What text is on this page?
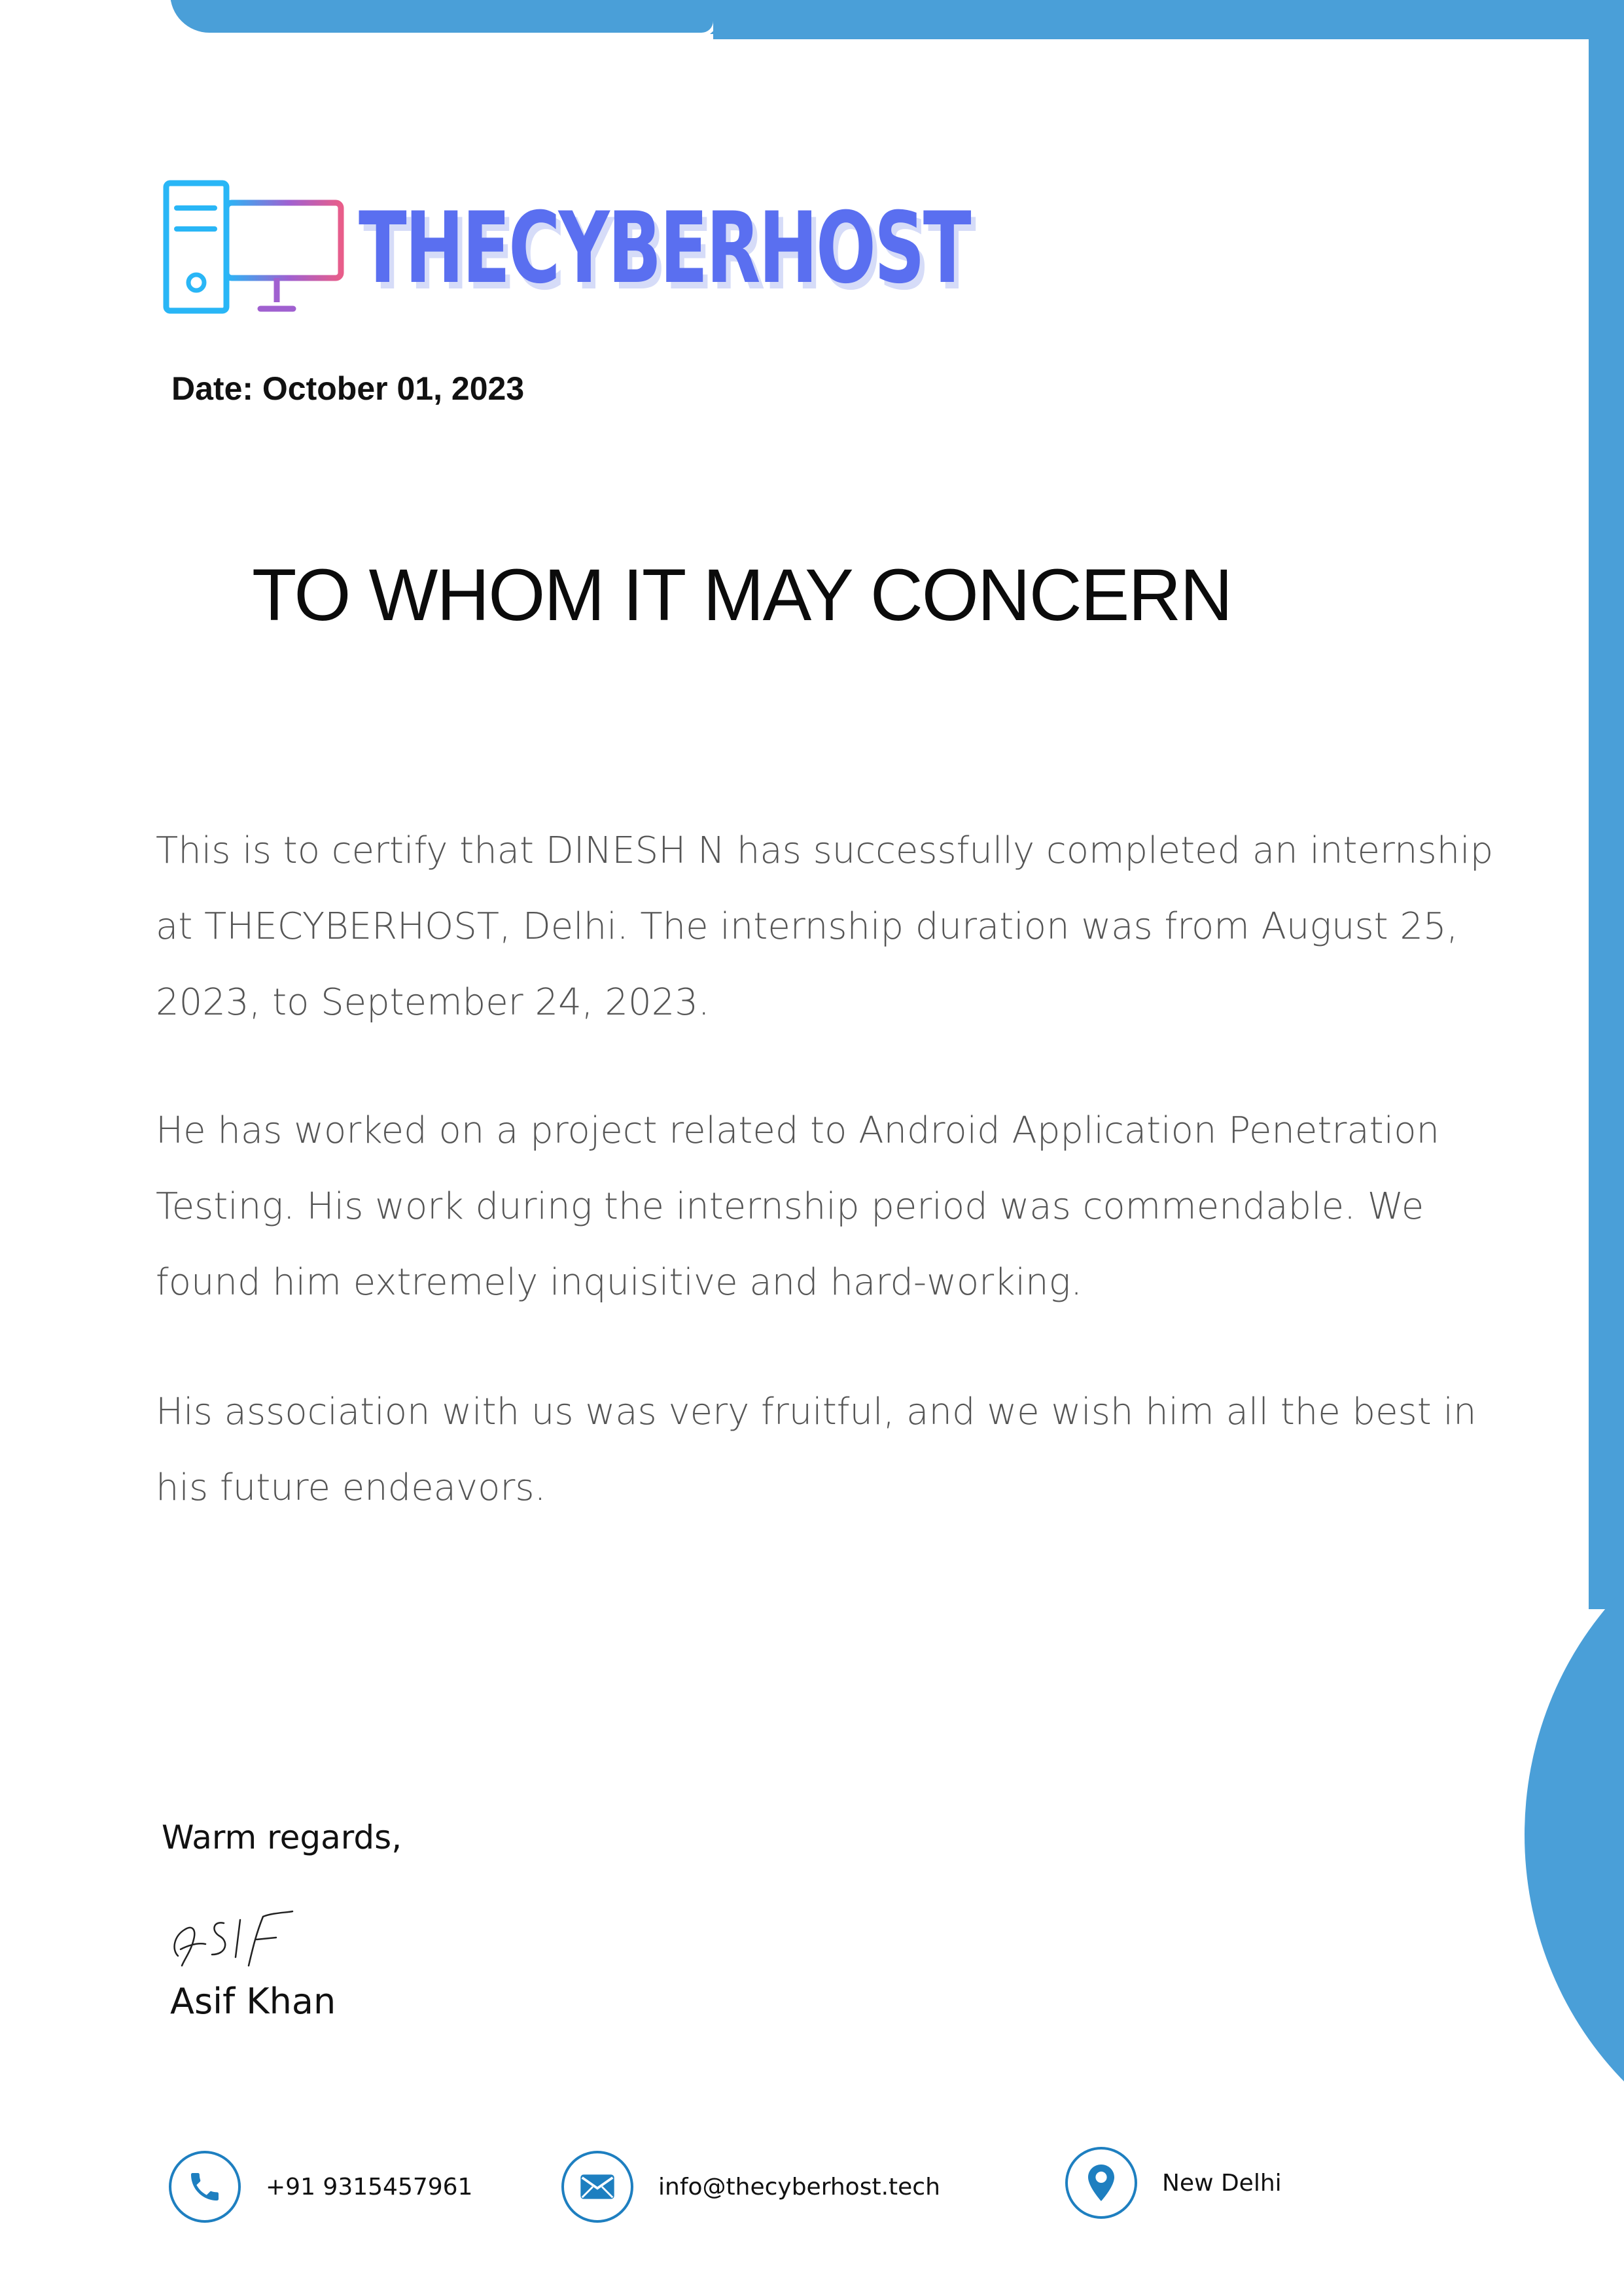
THECYBERHOST
Date: October 01, 2023
TO WHOM IT MAY CONCERN
This is to certify that DINESH N has successfully completed an internship at THECYBERHOST, Delhi. The internship duration was from August 25, 2023, to September 24, 2023.
He has worked on a project related to Android Application Penetration Testing. His work during the internship period was commendable. We found him extremely inquisitive and hard-working.
His association with us was very fruitful, and we wish him all the best in his future endeavors.
Warm regards,
Asif Khan
+91 9315457961	info@thecyberhost.tech	New Delhi
